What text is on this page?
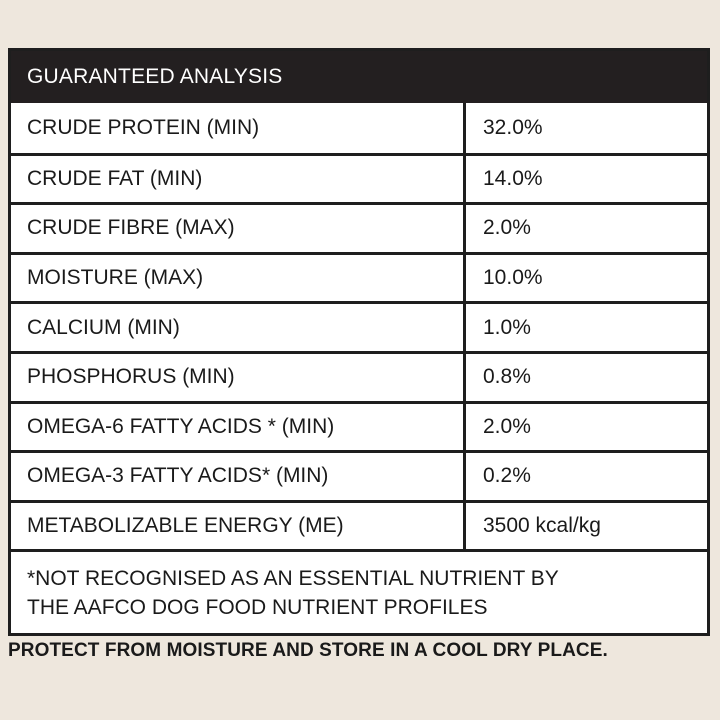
GUARANTEED ANALYSIS
CRUDE PROTEIN (MIN)	32.0%
CRUDE FAT (MIN)	14.0%
CRUDE FIBRE (MAX)	2.0%
MOISTURE (MAX)	10.0%
CALCIUM (MIN)	1.0%
PHOSPHORUS (MIN)	0.8%
OMEGA-6 FATTY ACIDS * (MIN)	2.0%
OMEGA-3 FATTY ACIDS* (MIN)	0.2%
METABOLIZABLE ENERGY (ME)	3500 kcal/kg
*NOT RECOGNISED AS AN ESSENTIAL NUTRIENT BY
THE AAFCO DOG FOOD NUTRIENT PROFILES
PROTECT FROM MOISTURE AND STORE IN A COOL DRY PLACE.
